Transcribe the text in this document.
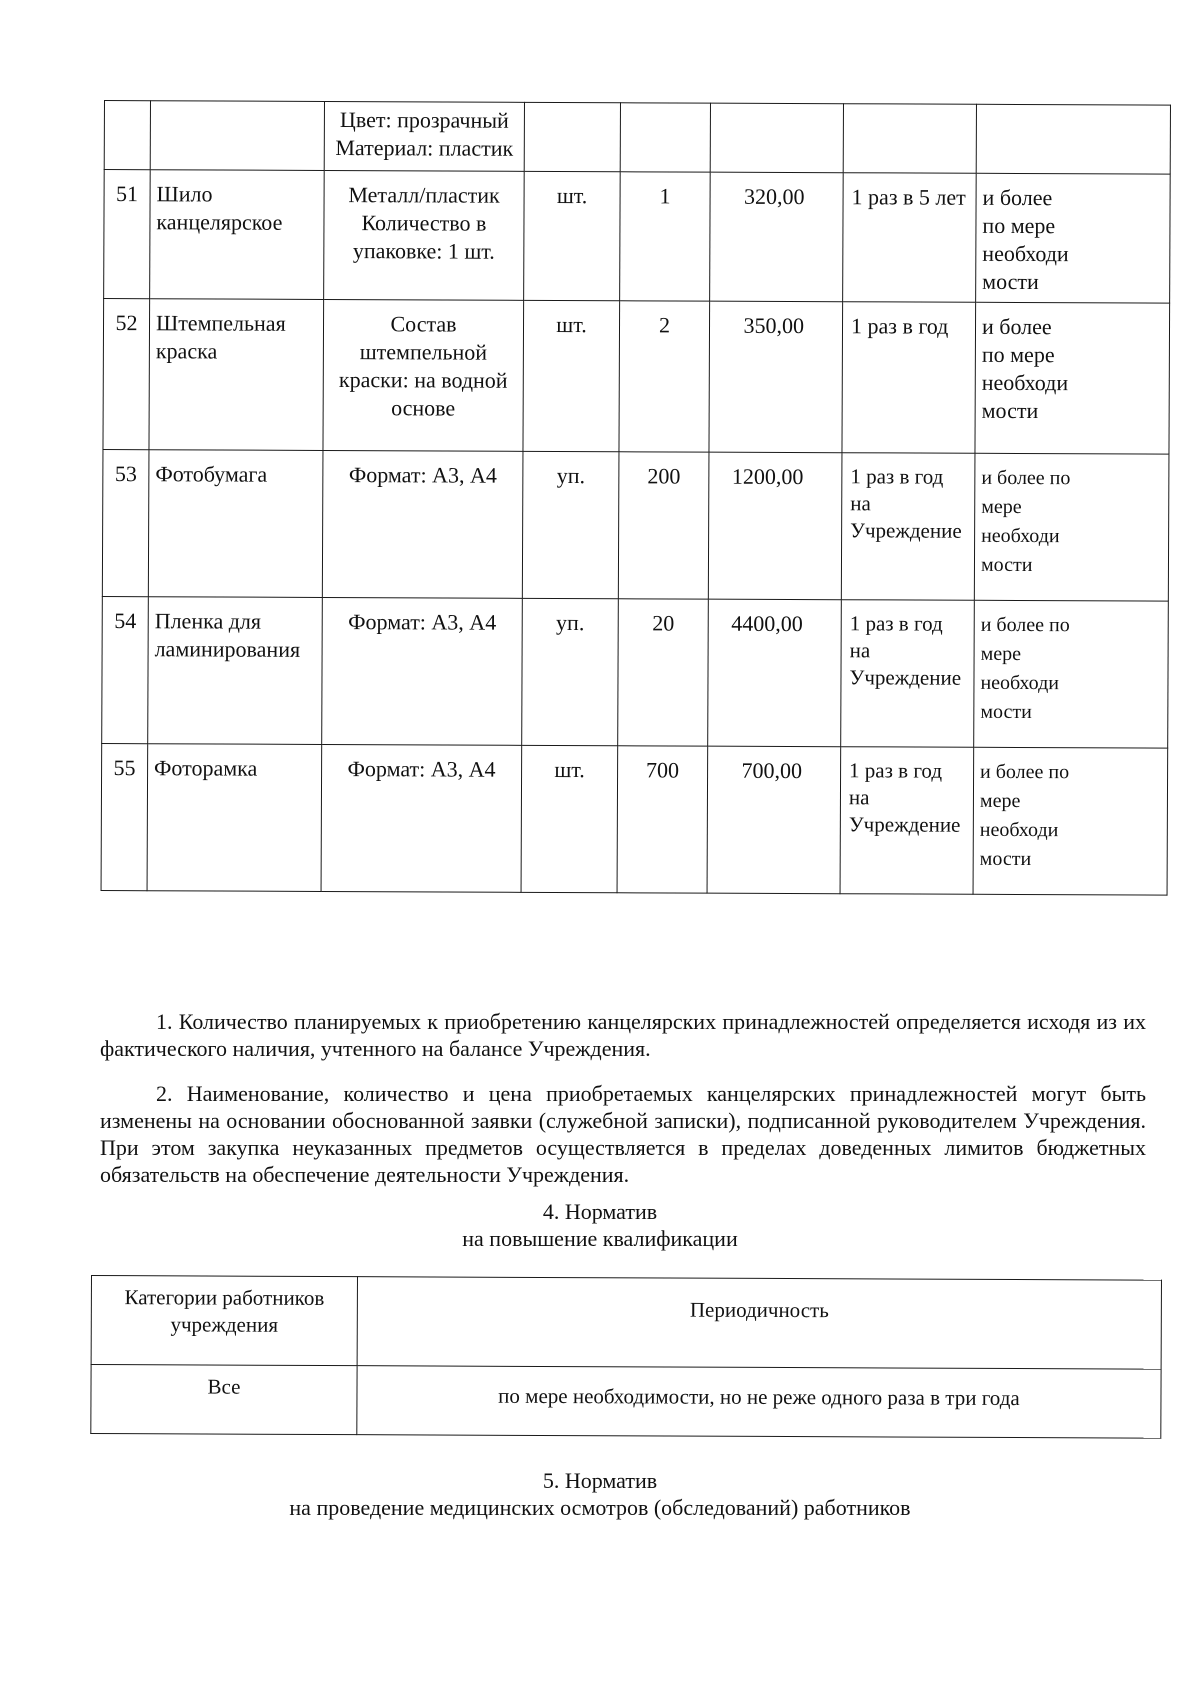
		Цвет: прозрачный
Материал: пластик					

51	Шило
канцелярское	Металл/пластик
Количество в
упаковке: 1 шт.	шт.	1	320,00	1 раз в 5 лет	и более
по мере
необходи
мости

52	Штемпельная
краска	Состав
штемпельной
краски: на водной
основе	шт.	2	350,00	1 раз в год	и более
по мере
необходи
мости

53	Фотобумага	Формат: А3, А4	уп.	200	1200,00	1 раз в год
на
Учреждение	и более по
мере
необходи
мости

54	Пленка для
ламинирования	Формат: А3, А4	уп.	20	4400,00	1 раз в год
на
Учреждение	и более по
мере
необходи
мости

55	Фоторамка	Формат: А3, А4	шт.	700	700,00	1 раз в год
на
Учреждение	и более по
мере
необходи
мости

1. Количество планируемых к приобретению канцелярских принадлежностей определяется исходя из их фактического наличия, учтенного на балансе Учреждения.

2. Наименование, количество и цена приобретаемых канцелярских принадлежностей могут быть изменены на основании обоснованной заявки (служебной записки), подписанной руководителем Учреждения. При этом закупка неуказанных предметов осуществляется в пределах доведенных лимитов бюджетных обязательств на обеспечение деятельности Учреждения.

4. Норматив
на повышение квалификации
Категории работников
учреждения	Периодичность
Все	по мере необходимости, но не реже одного раза в три года
5. Норматив
на проведение медицинских осмотров (обследований) работников
